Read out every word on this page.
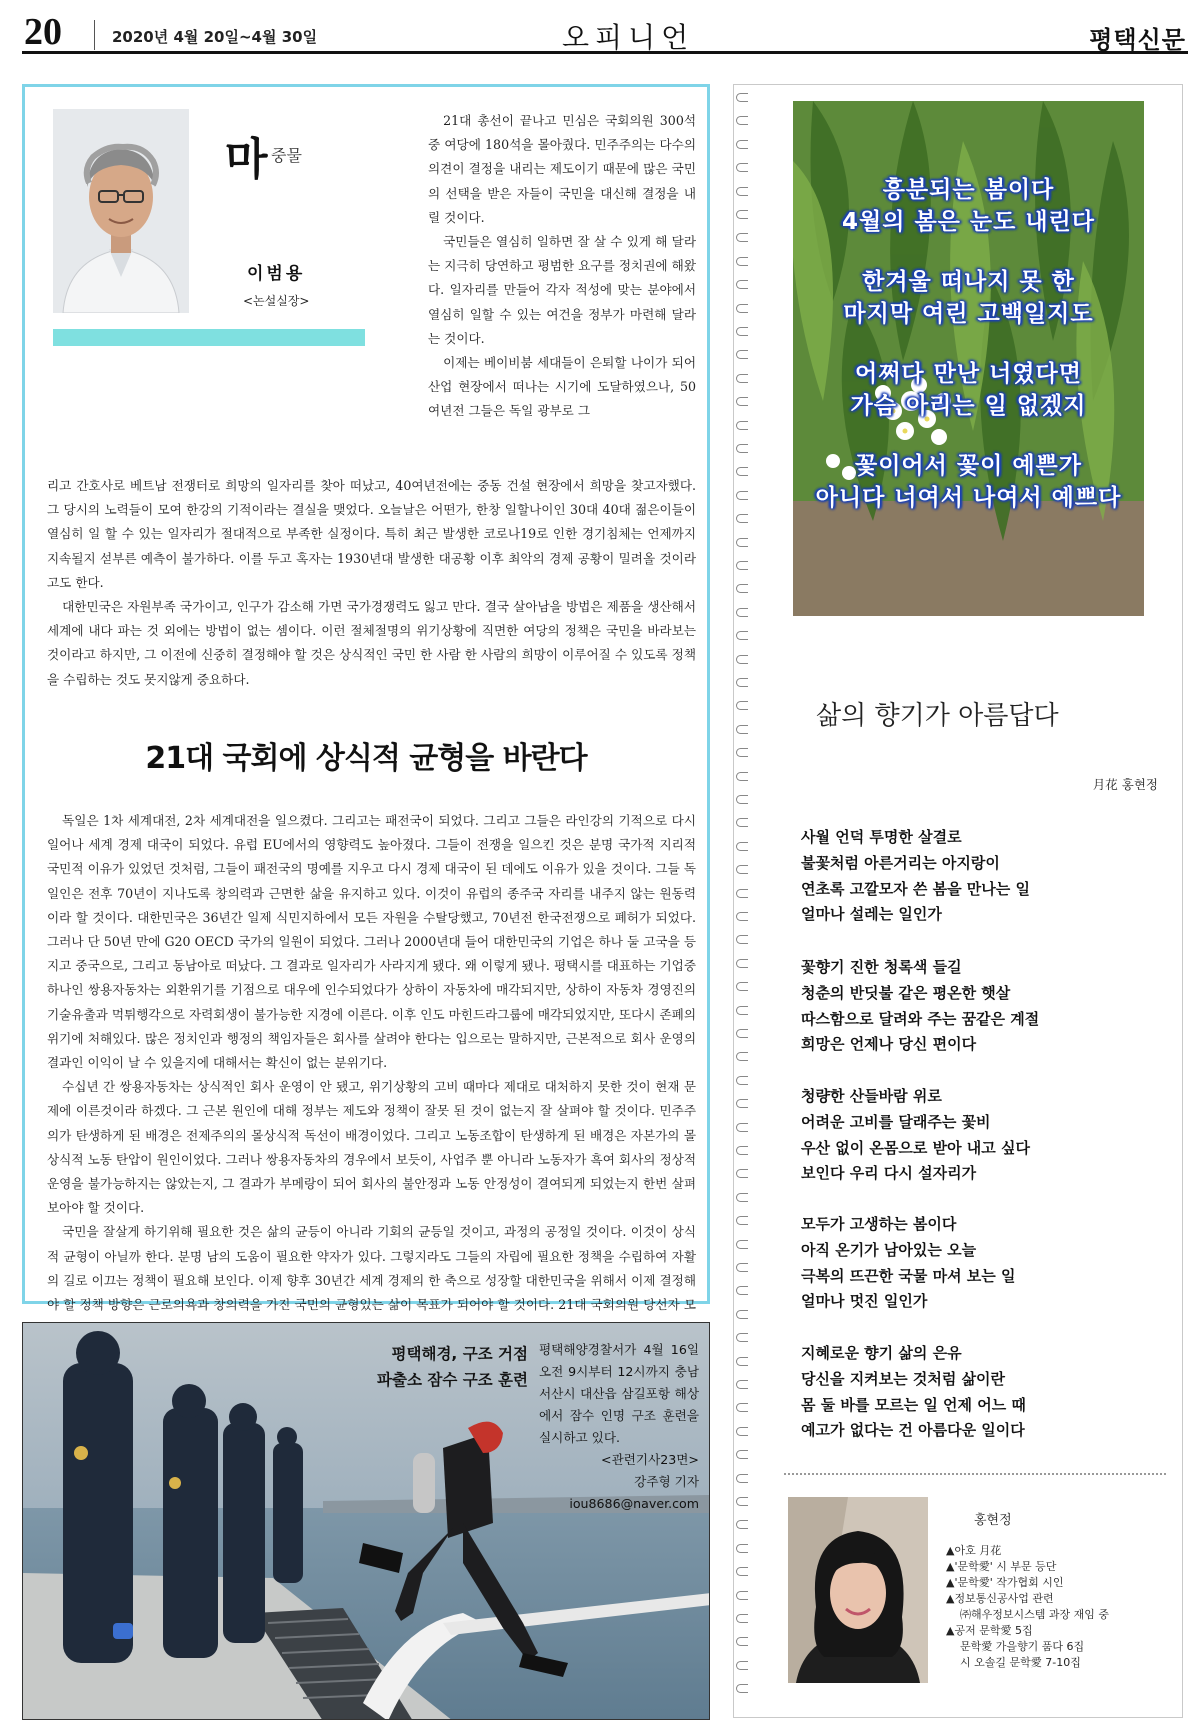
20	2020년 4월 20일~4월 30일	오피니언	평택신문
마 중물
이범용
<논설실장>

21대 총선이 끝나고 민심은 국회의원 300석 중 여당에 180석을 몰아줬다. 민주주의는 다수의 의견이 결정을 내리는 제도이기 때문에 많은 국민의 선택을 받은 자들이 국민을 대신해 결정을 내릴 것이다.

국민들은 열심히 일하면 잘 살 수 있게 해 달라는 지극히 당연하고 평범한 요구를 정치권에 해왔다. 일자리를 만들어 각자 적성에 맞는 분야에서 열심히 일할 수 있는 여건을 정부가 마련해 달라는 것이다.

이제는 베이비붐 세대들이 은퇴할 나이가 되어 산업 현장에서 떠나는 시기에 도달하였으나, 50여년전 그들은 독일 광부로 그

리고 간호사로 베트남 전쟁터로 희망의 일자리를 찾아 떠났고, 40여년전에는 중동 건설 현장에서 희망을 찾고자했다. 그 당시의 노력들이 모여 한강의 기적이라는 결실을 맺었다. 오늘날은 어떤가, 한창 일할나이인 30대 40대 젊은이들이 열심히 일 할 수 있는 일자리가 절대적으로 부족한 실정이다. 특히 최근 발생한 코로나19로 인한 경기침체는 언제까지 지속될지 섣부른 예측이 불가하다. 이를 두고 혹자는 1930년대 발생한 대공황 이후 최악의 경제 공황이 밀려올 것이라고도 한다.

대한민국은 자원부족 국가이고, 인구가 감소해 가면 국가경쟁력도 잃고 만다. 결국 살아남을 방법은 제품을 생산해서 세계에 내다 파는 것 외에는 방법이 없는 셈이다. 이런 절체절명의 위기상황에 직면한 여당의 정책은 국민을 바라보는 것이라고 하지만, 그 이전에 신중히 결정해야 할 것은 상식적인 국민 한 사람 한 사람의 희망이 이루어질 수 있도록 정책을 수립하는 것도 못지않게 중요하다.

21대 국회에 상식적 균형을 바란다

독일은 1차 세계대전, 2차 세계대전을 일으켰다. 그리고는 패전국이 되었다. 그리고 그들은 라인강의 기적으로 다시 일어나 세계 경제 대국이 되었다. 유럽 EU에서의 영향력도 높아졌다. 그들이 전쟁을 일으킨 것은 분명 국가적 지리적 국민적 이유가 있었던 것처럼, 그들이 패전국의 명예를 지우고 다시 경제 대국이 된 데에도 이유가 있을 것이다. 그들 독일인은 전후 70년이 지나도록 창의력과 근면한 삶을 유지하고 있다. 이것이 유럽의 종주국 자리를 내주지 않는 원동력이라 할 것이다. 대한민국은 36년간 일제 식민지하에서 모든 자원을 수탈당했고, 70년전 한국전쟁으로 폐허가 되었다. 그러나 단 50년 만에 G20 OECD 국가의 일원이 되었다. 그러나 2000년대 들어 대한민국의 기업은 하나 둘 고국을 등지고 중국으로, 그리고 동남아로 떠났다. 그 결과로 일자리가 사라지게 됐다. 왜 이렇게 됐나. 평택시를 대표하는 기업중 하나인 쌍용자동차는 외환위기를 기점으로 대우에 인수되었다가 상하이 자동차에 매각되지만, 상하이 자동차 경영진의 기술유출과 먹튀행각으로 자력회생이 불가능한 지경에 이른다. 이후 인도 마힌드라그룹에 매각되었지만, 또다시 존폐의 위기에 처해있다. 많은 정치인과 행정의 책임자들은 회사를 살려야 한다는 입으로는 말하지만, 근본적으로 회사 운영의 결과인 이익이 날 수 있을지에 대해서는 확신이 없는 분위기다.

수십년 간 쌍용자동차는 상식적인 회사 운영이 안 됐고, 위기상황의 고비 때마다 제대로 대처하지 못한 것이 현재 문제에 이른것이라 하겠다. 그 근본 원인에 대해 정부는 제도와 정책이 잘못 된 것이 없는지 잘 살펴야 할 것이다. 민주주의가 탄생하게 된 배경은 전제주의의 몰상식적 독선이 배경이었다. 그리고 노동조합이 탄생하게 된 배경은 자본가의 몰상식적 노동 탄압이 원인이었다. 그러나 쌍용자동차의 경우에서 보듯이, 사업주 뿐 아니라 노동자가 흑여 회사의 정상적 운영을 불가능하지는 않았는지, 그 결과가 부메랑이 되어 회사의 불안정과 노동 안정성이 결여되게 되었는지 한번 살펴보아야 할 것이다.

국민을 잘살게 하기위해 필요한 것은 삶의 균등이 아니라 기회의 균등일 것이고, 과정의 공정일 것이다. 이것이 상식적 균형이 아닐까 한다. 분명 남의 도움이 필요한 약자가 있다. 그렇지라도 그들의 자립에 필요한 정책을 수립하여 자활의 길로 이끄는 정책이 필요해 보인다. 이제 향후 30년간 세계 경제의 한 축으로 성장할 대한민국을 위해서 이제 결정해야 할 정책 방향은 근로의욕과 창의력을 가진 국민의 균형있는 삶이 목표가 되어야 할 것이다. 21대 국회의원 당선자 모

평택해경, 구조 거점
파출소 잠수 구조 훈련
평택해양경찰서가 4월 16일 오전 9시부터 12시까지 충남 서산시 대산읍 삼길포항 해상에서 잠수 인명 구조 훈련을 실시하고 있다.
<관련기사23면>
강주형 기자
iou8686@naver.com
흥분되는 봄이다
4월의 봄은 눈도 내린다
한겨울 떠나지 못 한
마지막 여린 고백일지도
어쩌다 만난 너였다면
가슴 아리는 일 없겠지
꽃이어서 꽃이 예쁜가
아니다 너여서 나여서 예쁘다
삶의 향기가 아름답다
月花 홍현정
사월 언덕 투명한 살결로
불꽃처럼 아른거리는 아지랑이
연초록 고깔모자 쓴 봄을 만나는 일
얼마나 설레는 일인가
꽃향기 진한 청록색 들길
청춘의 반딧불 같은 평온한 햇살
따스함으로 달려와 주는 꿈같은 계절
희망은 언제나 당신 편이다
청량한 산들바람 위로
어려운 고비를 달래주는 꽃비
우산 없이 온몸으로 받아 내고 싶다
보인다 우리 다시 설자리가
모두가 고생하는 봄이다
아직 온기가 남아있는 오늘
극복의 뜨끈한 국물 마셔 보는 일
얼마나 멋진 일인가
지혜로운 향기 삶의 은유
당신을 지켜보는 것처럼 삶이란
몸 둘 바를 모르는 일 언제 어느 때
예고가 없다는 건 아름다운 일이다
홍현정
▲아호 月花
▲'문학愛' 시 부문 등단
▲'문학愛' 작가협회 시인
▲정보통신공사업 관련
㈜해우정보시스템 과장 재임 중
▲공저 문학愛 5집
문학愛 가을향기 품다 6집
시 오솔길 문학愛 7-10집
